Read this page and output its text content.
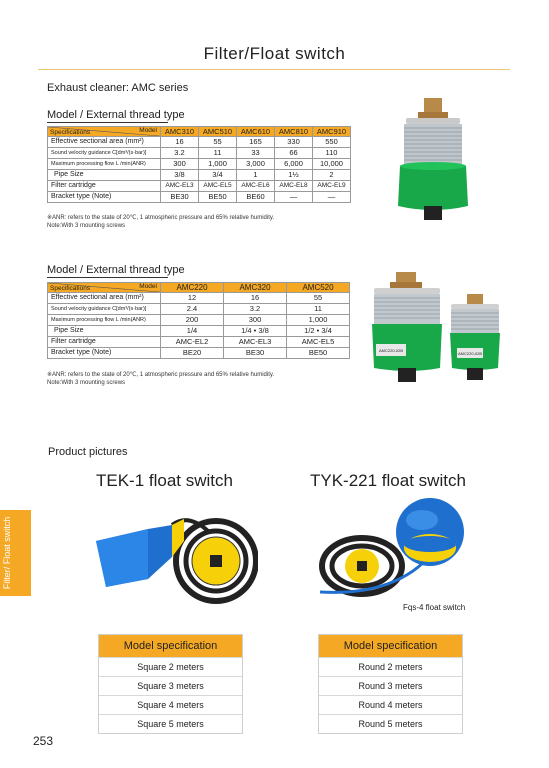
Filter/Float switch
Exhaust cleaner: AMC series
Model / External thread type
Model
Specifications	AMC310	AMC510	AMC610	AMC810	AMC910
Effective sectional area (mm²)	16	55	165	330	550
Sound velocity guidance C[dm³/(s·bar)]	3.2	11	33	66	110
Maximum processing flow L /min(ANR)	300	1,000	3,000	6,000	10,000
Pipe Size	3/8	3/4	1	1½	2
Filter cartridge	AMC-EL3	AMC-EL5	AMC-EL6	AMC-EL8	AMC-EL9
Bracket type (Note)	BE30	BE50	BE60	—	—
※ANR: refers to the state of 20℃, 1 atmospheric pressure and 65% relative humidity.
Note:With 3 mounting screws
Model / External thread type
Model
Specifications	AMC220	AMC320	AMC520
Effective sectional area (mm²)	12	16	55
Sound velocity guidance C[dm³/(s·bar)]	2.4	3.2	11
Maximum processing flow L /min(ANR)	200	300	1,000
Pipe Size	1/4	1/4 • 3/8	1/2 • 3/4
Filter cartridge	AMC-EL2	AMC-EL3	AMC-EL5
Bracket type (Note)	BE20	BE30	BE50
※ANR: refers to the state of 20℃, 1 atmospheric pressure and 65% relative humidity.
Note:With 3 mounting screws
AMC220-02B
AMC220-02B
Product pictures
Filter/ Float switch
TEK-1 float switch
Model specification
Square 2 meters
Square 3 meters
Square 4 meters
Square 5 meters
TYK-221 float switch
Fqs-4 float switch
Model specification
Round 2 meters
Round 3 meters
Round 4 meters
Round 5 meters
253
